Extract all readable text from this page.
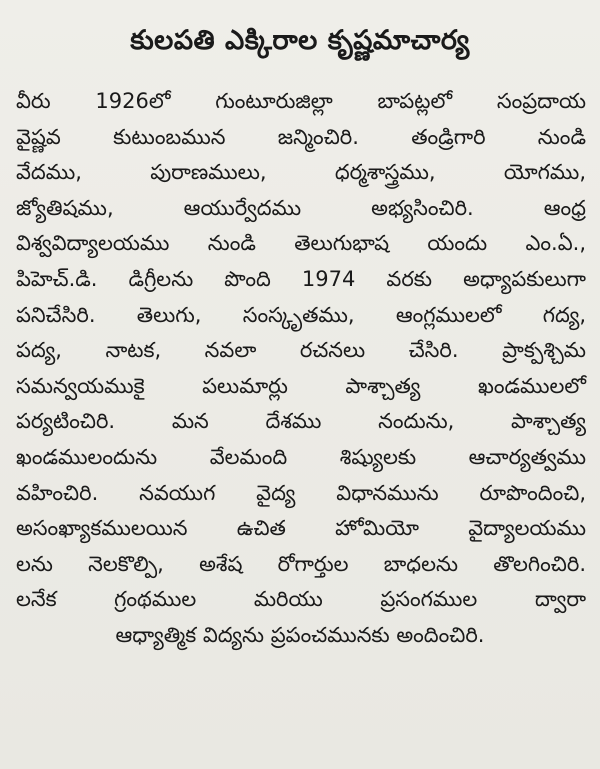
కులపతి ఎక్కిరాల కృష్ణమాచార్య
వీరు 1926లో గుంటూరుజిల్లా బాపట్లలో సంప్రదాయ
వైష్ణవ కుటుంబమున జన్మించిరి. తండ్రిగారి నుండి
వేదము, పురాణములు, ధర్మశాస్త్రము, యోగము,
జ్యోతిషము, ఆయుర్వేదము అభ్యసించిరి. ఆంధ్ర
విశ్వవిద్యాలయము నుండి తెలుగుభాష యందు ఎం.ఏ.,
పిహెచ్.డి. డిగ్రీలను పొంది 1974 వరకు అధ్యాపకులుగా
పనిచేసిరి. తెలుగు, సంస్కృతము, ఆంగ్లములలో గద్య,
పద్య, నాటక, నవలా రచనలు చేసిరి. ప్రాక్పశ్చిమ
సమన్వయముకై పలుమార్లు పాశ్చాత్య ఖండములలో
పర్యటించిరి. మన దేశము నందును, పాశ్చాత్య
ఖండములందును వేలమంది శిష్యులకు ఆచార్యత్వము
వహించిరి. నవయుగ వైద్య విధానమును రూపొందించి,
అసంఖ్యాకములయిన ఉచిత హోమియో వైద్యాలయము
లను నెలకొల్పి, అశేష రోగార్తుల బాధలను తొలగించిరి.
లనేక గ్రంథముల మరియు ప్రసంగముల ద్వారా
ఆధ్యాత్మిక విద్యను ప్రపంచమునకు అందించిరి.
